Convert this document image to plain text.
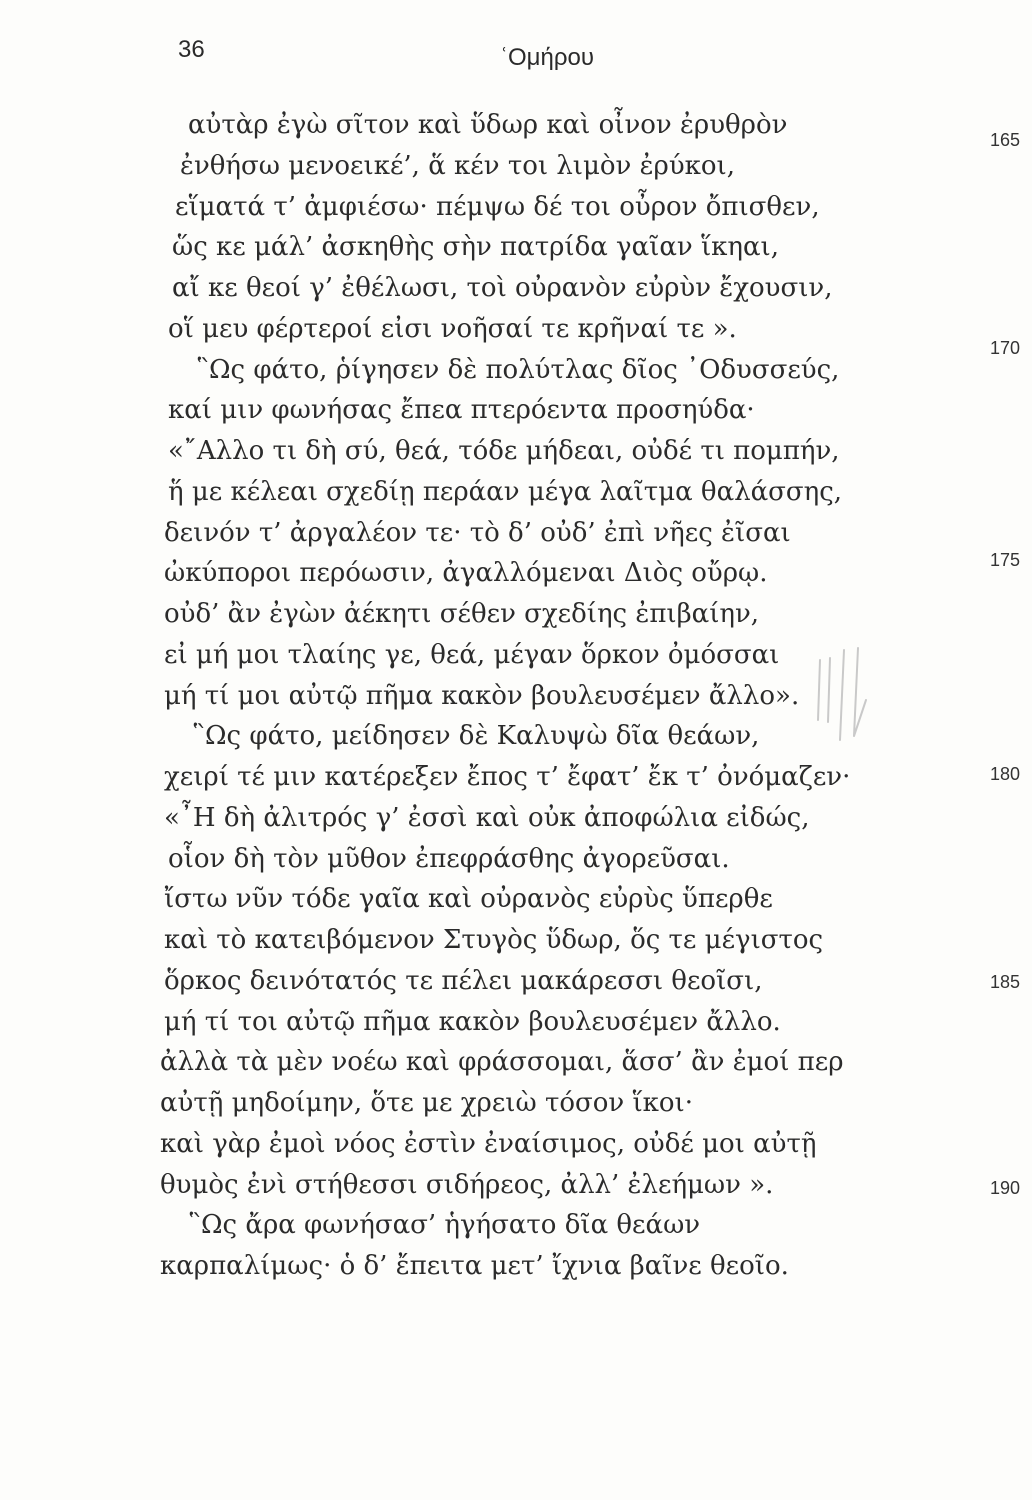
36	ʿΟμήρου

αὐτὰρ ἐγὼ σῖτον καὶ ὕδωρ καὶ οἶνον ἐρυθρὸν

ἐνθήσω μενοεικέ’, ἅ κέν τοι λιμὸν ἐρύκοι,

εἵματά τ’ ἀμφιέσω· πέμψω δέ τοι οὖρον ὄπισθεν,

ὥς κε μάλ’ ἀσκηθὴς σὴν πατρίδα γαῖαν ἵκηαι,

αἴ κε θεοί γ’ ἐθέλωσι, τοὶ οὐρανὸν εὐρὺν ἔχουσιν,

οἵ μευ φέρτεροί εἰσι νοῆσαί τε κρῆναί τε ».

῝Ως φάτο, ῥίγησεν δὲ πολύτλας δῖος ᾿Οδυσσεύς,

καί μιν φωνήσας ἔπεα πτερόεντα προσηύδα·

«῎Αλλο τι δὴ σύ, θεά, τόδε μήδεαι, οὐδέ τι πομπήν,

ἥ με κέλεαι σχεδίῃ περάαν μέγα λαῖτμα θαλάσσης,

δεινόν τ’ ἀργαλέον τε· τὸ δ’ οὐδ’ ἐπὶ νῆες ἐῖσαι

ὠκύποροι περόωσιν, ἀγαλλόμεναι Διὸς οὔρῳ.

οὐδ’ ἂν ἐγὼν ἀέκητι σέθεν σχεδίης ἐπιβαίην,

εἰ μή μοι τλαίης γε, θεά, μέγαν ὅρκον ὀμόσσαι

μή τί μοι αὐτῷ πῆμα κακὸν βουλευσέμεν ἄλλο».

῝Ως φάτο, μείδησεν δὲ Καλυψὼ δῖα θεάων,

χειρί τέ μιν κατέρεξεν ἔπος τ’ ἔφατ’ ἔκ τ’ ὀνόμαζεν·

«῏Η δὴ ἀλιτρός γ’ ἐσσὶ καὶ οὐκ ἀποφώλια εἰδώς,

οἷον δὴ τὸν μῦθον ἐπεφράσθης ἀγορεῦσαι.

ἴστω νῦν τόδε γαῖα καὶ οὐρανὸς εὐρὺς ὕπερθε

καὶ τὸ κατειβόμενον Στυγὸς ὕδωρ, ὅς τε μέγιστος

ὅρκος δεινότατός τε πέλει μακάρεσσι θεοῖσι,

μή τί τοι αὐτῷ πῆμα κακὸν βουλευσέμεν ἄλλο.

ἀλλὰ τὰ μὲν νοέω καὶ φράσσομαι, ἅσσ’ ἂν ἐμοί περ

αὐτῇ μηδοίμην, ὅτε με χρειὼ τόσον ἵκοι·

καὶ γὰρ ἐμοὶ νόος ἐστὶν ἐναίσιμος, οὐδέ μοι αὐτῇ

θυμὸς ἐνὶ στήθεσσι σιδήρεος, ἀλλ’ ἐλεήμων ».

῝Ως ἄρα φωνήσασ’ ἡγήσατο δῖα θεάων

καρπαλίμως· ὁ δ’ ἔπειτα μετ’ ἴχνια βαῖνε θεοῖο.

165
170
175
180
185
190
